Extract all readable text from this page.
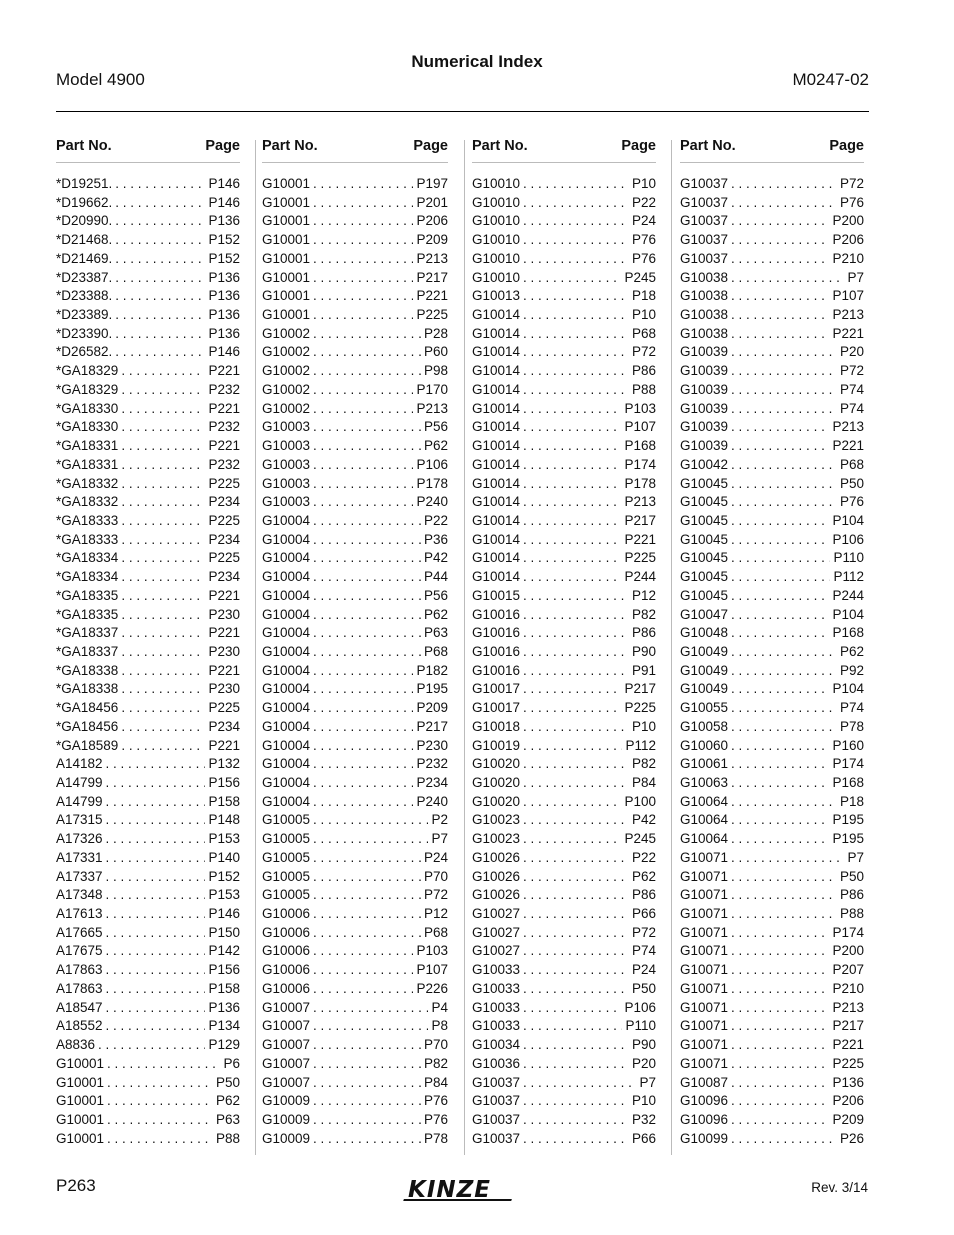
Numerical Index
Model 4900	M0247-02
Part No.	Page
*D19251. . . .	P146
*D19662. . . .	P146
*D20990. . . .	P136
*D21468. . . .	P152
*D21469. . . .	P152
*D23387. . . .	P136
*D23388. . . .	P136
*D23389. . . .	P136
*D23390. . . .	P136
*D26582. . . .	P146
*GA18329 . . .	P221
*GA18329 . . .	P232
*GA18330 . . .	P221
*GA18330 . . .	P232
*GA18331 . . .	P221
*GA18331 . . .	P232
*GA18332 . . .	P225
*GA18332 . . .	P234
*GA18333 . . .	P225
*GA18333 . . .	P234
*GA18334 . . .	P225
*GA18334 . . .	P234
*GA18335 . . .	P221
*GA18335 . . .	P230
*GA18337 . . .	P221
*GA18337 . . .	P230
*GA18338 . . .	P221
*GA18338 . . .	P230
*GA18456 . . .	P225
*GA18456 . . .	P234
*GA18589 . . .	P221
A14182 . . .	P132
A14799 . . .	P156
A14799 . . .	P158
A17315 . . .	P148
A17326 . . .	P153
A17331 . . .	P140
A17337 . . .	P152
A17348 . . .	P153
A17613 . . .	P146
A17665 . . .	P150
A17675 . . .	P142
A17863 . . .	P156
A17863 . . .	P158
A18547 . . .	P136
A18552 . . .	P134
A8836 . . .	P129
G10001 . . .	P6
G10001 . . .	P50
G10001 . . .	P62
G10001 . . .	P63
G10001 . . .	P88
Part No.	Page
G10001 . . .	P197
G10001 . . .	P201
G10001 . . .	P206
G10001 . . .	P209
G10001 . . .	P213
G10001 . . .	P217
G10001 . . .	P221
G10001 . . .	P225
G10002 . . .	P28
G10002 . . .	P60
G10002 . . .	P98
G10002 . . .	P170
G10002 . . .	P213
G10003 . . .	P56
G10003 . . .	P62
G10003 . . .	P106
G10003 . . .	P178
G10003 . . .	P240
G10004 . . .	P22
G10004 . . .	P36
G10004 . . .	P42
G10004 . . .	P44
G10004 . . .	P56
G10004 . . .	P62
G10004 . . .	P63
G10004 . . .	P68
G10004 . . .	P182
G10004 . . .	P195
G10004 . . .	P209
G10004 . . .	P217
G10004 . . .	P230
G10004 . . .	P232
G10004 . . .	P234
G10004 . . .	P240
G10005 . . .	P2
G10005 . . .	P7
G10005 . . .	P24
G10005 . . .	P70
G10005 . . .	P72
G10006 . . .	P12
G10006 . . .	P68
G10006 . . .	P103
G10006 . . .	P107
G10006 . . .	P226
G10007 . . .	P4
G10007 . . .	P8
G10007 . . .	P70
G10007 . . .	P82
G10007 . . .	P84
G10009 . . .	P76
G10009 . . .	P76
G10009 . . .	P78
Part No.	Page
G10010 . . .	P10
G10010 . . .	P22
G10010 . . .	P24
G10010 . . .	P76
G10010 . . .	P76
G10010 . . .	P245
G10013 . . .	P18
G10014 . . .	P10
G10014 . . .	P68
G10014 . . .	P72
G10014 . . .	P86
G10014 . . .	P88
G10014 . . .	P103
G10014 . . .	P107
G10014 . . .	P168
G10014 . . .	P174
G10014 . . .	P178
G10014 . . .	P213
G10014 . . .	P217
G10014 . . .	P221
G10014 . . .	P225
G10014 . . .	P244
G10015 . . .	P12
G10016 . . .	P82
G10016 . . .	P86
G10016 . . .	P90
G10016 . . .	P91
G10017 . . .	P217
G10017 . . .	P225
G10018 . . .	P10
G10019 . . .	P112
G10020 . . .	P82
G10020 . . .	P84
G10020 . . .	P100
G10023 . . .	P42
G10023 . . .	P245
G10026 . . .	P22
G10026 . . .	P62
G10026 . . .	P86
G10027 . . .	P66
G10027 . . .	P72
G10027 . . .	P74
G10033 . . .	P24
G10033 . . .	P50
G10033 . . .	P106
G10033 . . .	P110
G10034 . . .	P90
G10036 . . .	P20
G10037 . . .	P7
G10037 . . .	P10
G10037 . . .	P32
G10037 . . .	P66
Part No.	Page
G10037 . . .	P72
G10037 . . .	P76
G10037 . . .	P200
G10037 . . .	P206
G10037 . . .	P210
G10038 . . .	P7
G10038 . . .	P107
G10038 . . .	P213
G10038 . . .	P221
G10039 . . .	P20
G10039 . . .	P72
G10039 . . .	P74
G10039 . . .	P74
G10039 . . .	P213
G10039 . . .	P221
G10042 . . .	P68
G10045 . . .	P50
G10045 . . .	P76
G10045 . . .	P104
G10045 . . .	P106
G10045 . . .	P110
G10045 . . .	P112
G10045 . . .	P244
G10047 . . .	P104
G10048 . . .	P168
G10049 . . .	P62
G10049 . . .	P92
G10049 . . .	P104
G10055 . . .	P74
G10058 . . .	P78
G10060 . . .	P160
G10061 . . .	P174
G10063 . . .	P168
G10064 . . .	P18
G10064 . . .	P195
G10064 . . .	P195
G10071 . . .	P7
G10071 . . .	P50
G10071 . . .	P86
G10071 . . .	P88
G10071 . . .	P174
G10071 . . .	P200
G10071 . . .	P207
G10071 . . .	P210
G10071 . . .	P213
G10071 . . .	P217
G10071 . . .	P221
G10071 . . .	P225
G10087 . . .	P136
G10096 . . .	P206
G10096 . . .	P209
G10099 . . .	P26
P263	KINZE	Rev. 3/14
